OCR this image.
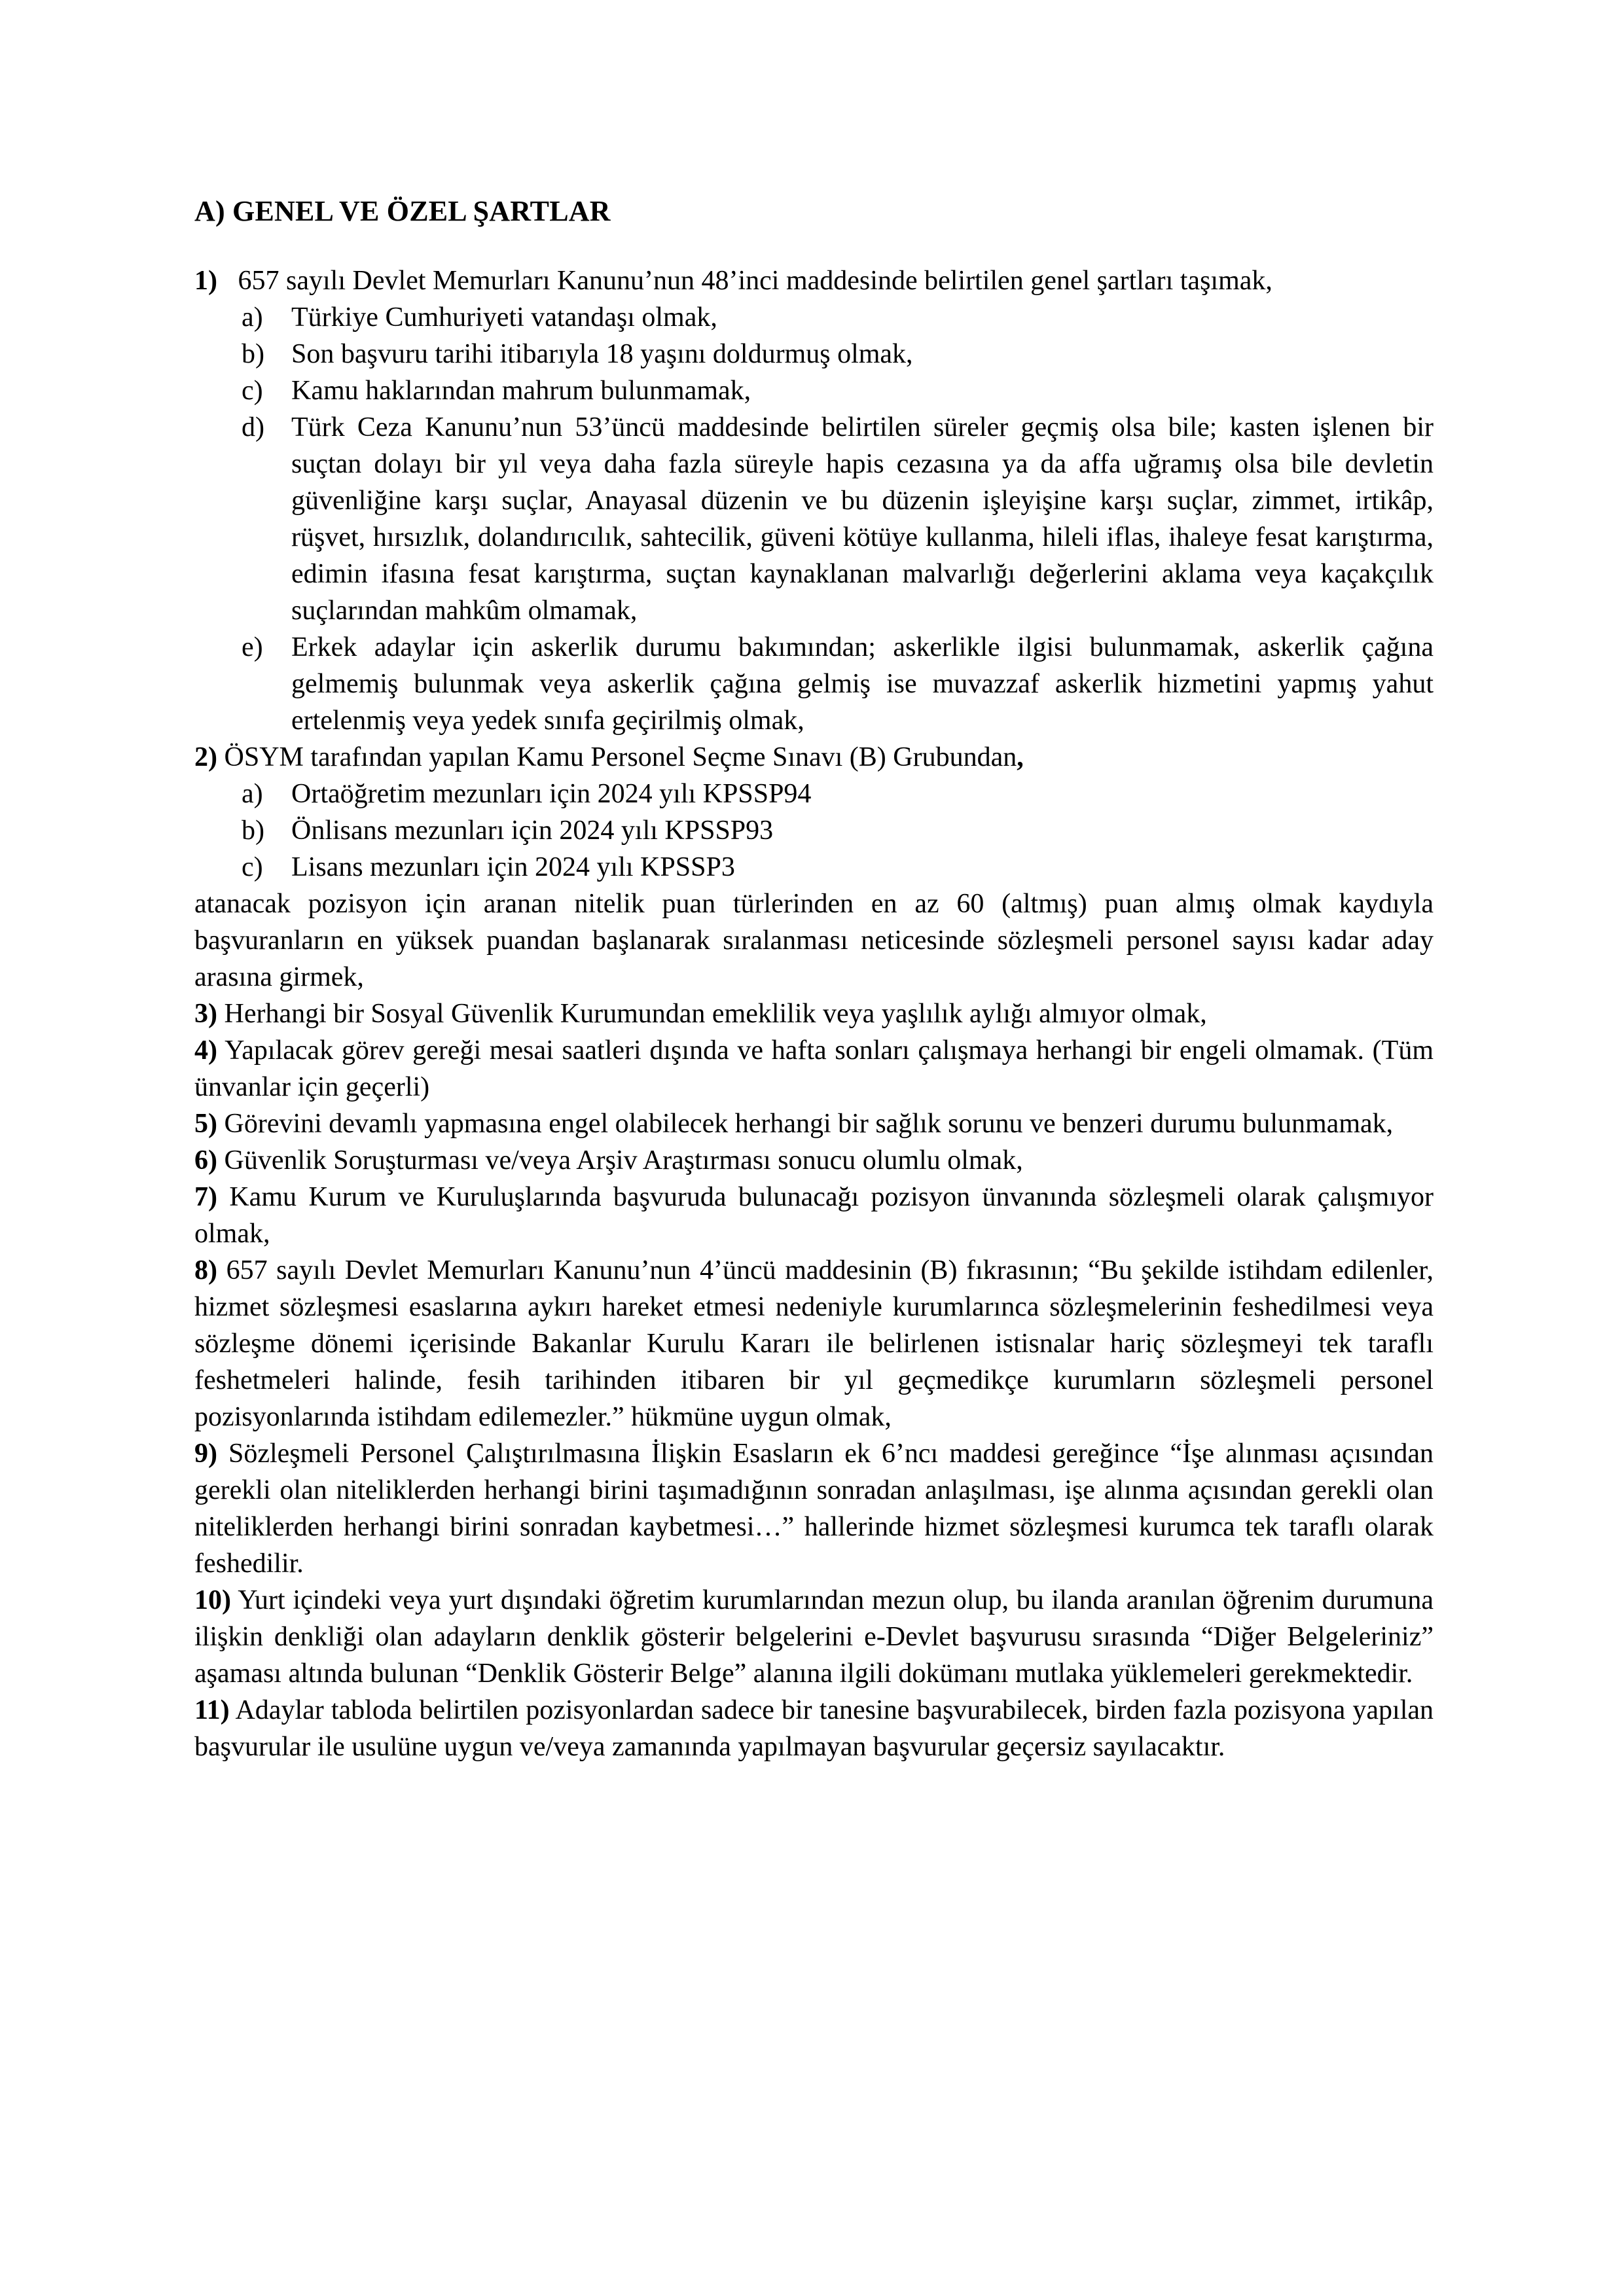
A) GENEL VE ÖZEL ŞARTLAR

1) 657 sayılı Devlet Memurları Kanunu’nun 48’inci maddesinde belirtilen genel şartları taşımak,

a)	Türkiye Cumhuriyeti vatandaşı olmak,

b) Son başvuru tarihi itibarıyla 18 yaşını doldurmuş olmak,

c)	Kamu haklarından mahrum bulunmamak,

d) Türk Ceza Kanunu’nun 53’üncü maddesinde belirtilen süreler geçmiş olsa bile; kasten işlenen bir suçtan dolayı bir yıl veya daha fazla süreyle hapis cezasına ya da affa uğramış olsa bile devletin güvenliğine karşı suçlar, Anayasal düzenin ve bu düzenin işleyişine karşı suçlar, zimmet, irtikâp, rüşvet, hırsızlık, dolandırıcılık, sahtecilik, güveni kötüye kullanma, hileli iflas, ihaleye fesat karıştırma, edimin ifasına fesat karıştırma, suçtan kaynaklanan malvarlığı değerlerini aklama veya kaçakçılık suçlarından mahkûm olmamak,

e)	Erkek adaylar için askerlik durumu bakımından; askerlikle ilgisi bulunmamak, askerlik çağına gelmemiş bulunmak veya askerlik çağına gelmiş ise muvazzaf askerlik hizmetini yapmış yahut ertelenmiş veya yedek sınıfa geçirilmiş olmak,

2) ÖSYM tarafından yapılan Kamu Personel Seçme Sınavı (B) Grubundan,

a)	Ortaöğretim mezunları için 2024 yılı KPSSP94

b) Önlisans mezunları için 2024 yılı KPSSP93

c)	Lisans mezunları için 2024 yılı KPSSP3

atanacak pozisyon için aranan nitelik puan türlerinden en az 60 (altmış) puan almış olmak kaydıyla başvuranların en yüksek puandan başlanarak sıralanması neticesinde sözleşmeli personel sayısı kadar aday arasına girmek,

3) Herhangi bir Sosyal Güvenlik Kurumundan emeklilik veya yaşlılık aylığı almıyor olmak,

4) Yapılacak görev gereği mesai saatleri dışında ve hafta sonları çalışmaya herhangi bir engeli olmamak. (Tüm ünvanlar için geçerli)

5) Görevini devamlı yapmasına engel olabilecek herhangi bir sağlık sorunu ve benzeri durumu bulunmamak,

6) Güvenlik Soruşturması ve/veya Arşiv Araştırması sonucu olumlu olmak,

7) Kamu Kurum ve Kuruluşlarında başvuruda bulunacağı pozisyon ünvanında sözleşmeli olarak çalışmıyor olmak,

8) 657 sayılı Devlet Memurları Kanunu’nun 4’üncü maddesinin (B) fıkrasının; “Bu şekilde istihdam edilenler, hizmet sözleşmesi esaslarına aykırı hareket etmesi nedeniyle kurumlarınca sözleşmelerinin feshedilmesi veya sözleşme dönemi içerisinde Bakanlar Kurulu Kararı ile belirlenen istisnalar hariç sözleşmeyi tek taraflı feshetmeleri halinde, fesih tarihinden itibaren bir yıl geçmedikçe kurumların sözleşmeli personel pozisyonlarında istihdam edilemezler.” hükmüne uygun olmak,

9) Sözleşmeli Personel Çalıştırılmasına İlişkin Esasların ek 6’ncı maddesi gereğince “İşe alınması açısından gerekli olan niteliklerden herhangi birini taşımadığının sonradan anlaşılması, işe alınma açısından gerekli olan niteliklerden herhangi birini sonradan kaybetmesi…” hallerinde hizmet sözleşmesi kurumca tek taraflı olarak feshedilir.

10) Yurt içindeki veya yurt dışındaki öğretim kurumlarından mezun olup, bu ilanda aranılan öğrenim durumuna ilişkin denkliği olan adayların denklik gösterir belgelerini e-Devlet başvurusu sırasında “Diğer Belgeleriniz” aşaması altında bulunan “Denklik Gösterir Belge” alanına ilgili dokümanı mutlaka yüklemeleri gerekmektedir.

11) Adaylar tabloda belirtilen pozisyonlardan sadece bir tanesine başvurabilecek, birden fazla pozisyona yapılan başvurular ile usulüne uygun ve/veya zamanında yapılmayan başvurular geçersiz sayılacaktır.
